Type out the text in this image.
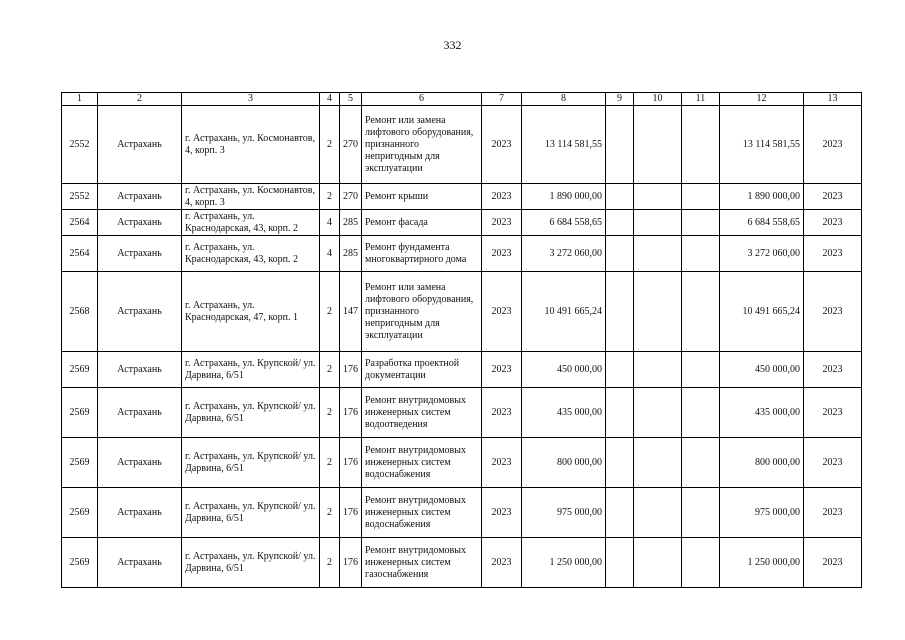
332
1	2	3	4	5	6	7	8	9	10	11	12	13
2552	Астрахань	г. Астрахань, ул. Космонавтов, 4, корп. 3	2	270	Ремонт или замена лифтового оборудования, признанного непригодным для эксплуатации	2023	13 114 581,55				13 114 581,55	2023
2552	Астрахань	г. Астрахань, ул. Космонавтов, 4, корп. 3	2	270	Ремонт крыши	2023	1 890 000,00				1 890 000,00	2023
2564	Астрахань	г. Астрахань, ул. Краснодарская, 43, корп. 2	4	285	Ремонт фасада	2023	6 684 558,65				6 684 558,65	2023
2564	Астрахань	г. Астрахань, ул. Краснодарская, 43, корп. 2	4	285	Ремонт фундамента многоквартирного дома	2023	3 272 060,00				3 272 060,00	2023
2568	Астрахань	г. Астрахань, ул. Краснодарская, 47, корп. 1	2	147	Ремонт или замена лифтового оборудования, признанного непригодным для эксплуатации	2023	10 491 665,24				10 491 665,24	2023
2569	Астрахань	г. Астрахань, ул. Крупской/ ул. Дарвина, 6/51	2	176	Разработка проектной документации	2023	450 000,00				450 000,00	2023
2569	Астрахань	г. Астрахань, ул. Крупской/ ул. Дарвина, 6/51	2	176	Ремонт внутридомовых инженерных систем водоотведения	2023	435 000,00				435 000,00	2023
2569	Астрахань	г. Астрахань, ул. Крупской/ ул. Дарвина, 6/51	2	176	Ремонт внутридомовых инженерных систем водоснабжения	2023	800 000,00				800 000,00	2023
2569	Астрахань	г. Астрахань, ул. Крупской/ ул. Дарвина, 6/51	2	176	Ремонт внутридомовых инженерных систем водоснабжения	2023	975 000,00				975 000,00	2023
2569	Астрахань	г. Астрахань, ул. Крупской/ ул. Дарвина, 6/51	2	176	Ремонт внутридомовых инженерных систем газоснабжения	2023	1 250 000,00				1 250 000,00	2023
